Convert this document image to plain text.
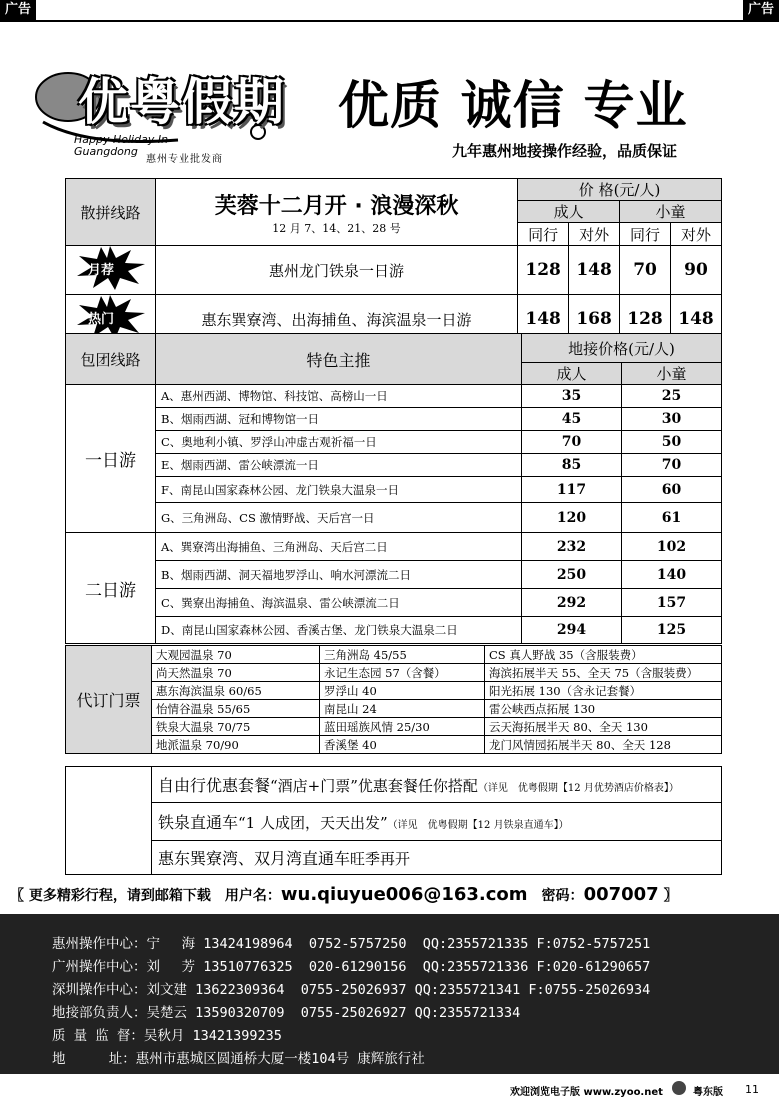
广告	广告
优粤假期
Happy Holiday In
Guangdong
惠州专业批发商
优质 诚信 专业
九年惠州地接操作经验，品质保证
散拼线路	芙蓉十二月开 · 浪漫深秋
12 月 7、14、21、28 号	价 格(元/人)			
		成人		小童	
		同行	对外	同行	对外

月荐	惠州龙门铁泉一日游	128	148	70	90

热门	惠东巽寮湾、出海捕鱼、海滨温泉一日游	148	168	128	148
包团线路	特色主推	地接价格(元/人)	
		成人	小童
一日游	A、惠州西湖、博物馆、科技馆、高榜山一日	35	25
	B、烟雨西湖、冠和博物馆一日	45	30
	C、奥地利小镇、罗浮山冲虚古观祈福一日	70	50
	E、烟雨西湖、雷公峡漂流一日	85	70
	F、南昆山国家森林公园、龙门铁泉大温泉一日	117	60
	G、三角洲岛、CS 激情野战、天后宫一日	120	61
二日游	A、巽寮湾出海捕鱼、三角洲岛、天后宫二日	232	102
	B、烟雨西湖、洞天福地罗浮山、响水河漂流二日	250	140
	C、巽寮出海捕鱼、海滨温泉、雷公峡漂流二日	292	157
	D、南昆山国家森林公园、香溪古堡、龙门铁泉大温泉二日	294	125
代订门票	大观园温泉 70	三角洲岛 45/55	CS 真人野战 35（含服装费）
	尚天然温泉 70	永记生态园 57（含餐）	海滨拓展半天 55、全天 75（含服装费）
	惠东海滨温泉 60/65	罗浮山 40	阳光拓展 130（含永记套餐）
	怡情谷温泉 55/65	南昆山 24	雷公峡西点拓展 130
	铁泉大温泉 70/75	蓝田瑶族风情 25/30	云天海拓展半天 80、全天 130
	地派温泉 70/90	香溪堡 40	龙门风情园拓展半天 80、全天 128
	自由行优惠套餐“酒店+门票”优惠套餐任你搭配（详见　优粤假期【12 月优势酒店价格表】）
铁泉直通车“1 人成团，天天出发”（详见　优粤假期【12 月铁泉直通车】）
惠东巽寮湾、双月湾直通车旺季再开
〖 更多精彩行程，请到邮箱下载　用户名：wu.qiuyue006@163.com　密码：007007 〗
惠州操作中心：宁　 海 13424198964  0752-5757250  QQ:2355721335 F:0752-5757251
广州操作中心：刘　 芳 13510776325  020-61290156  QQ:2355721336 F:020-61290657
深圳操作中心：刘文建 13622309364  0755-25026937 QQ:2355721341 F:0755-25026934
地接部负责人：吴楚云 13590320709  0755-25026927 QQ:2355721334
质 量 监 督：吴秋月 13421399235
地　　  址：惠州市惠城区圆通桥大厦一楼104号 康辉旅行社
欢迎浏览电子版 www.zyoo.net	粤东版 11
